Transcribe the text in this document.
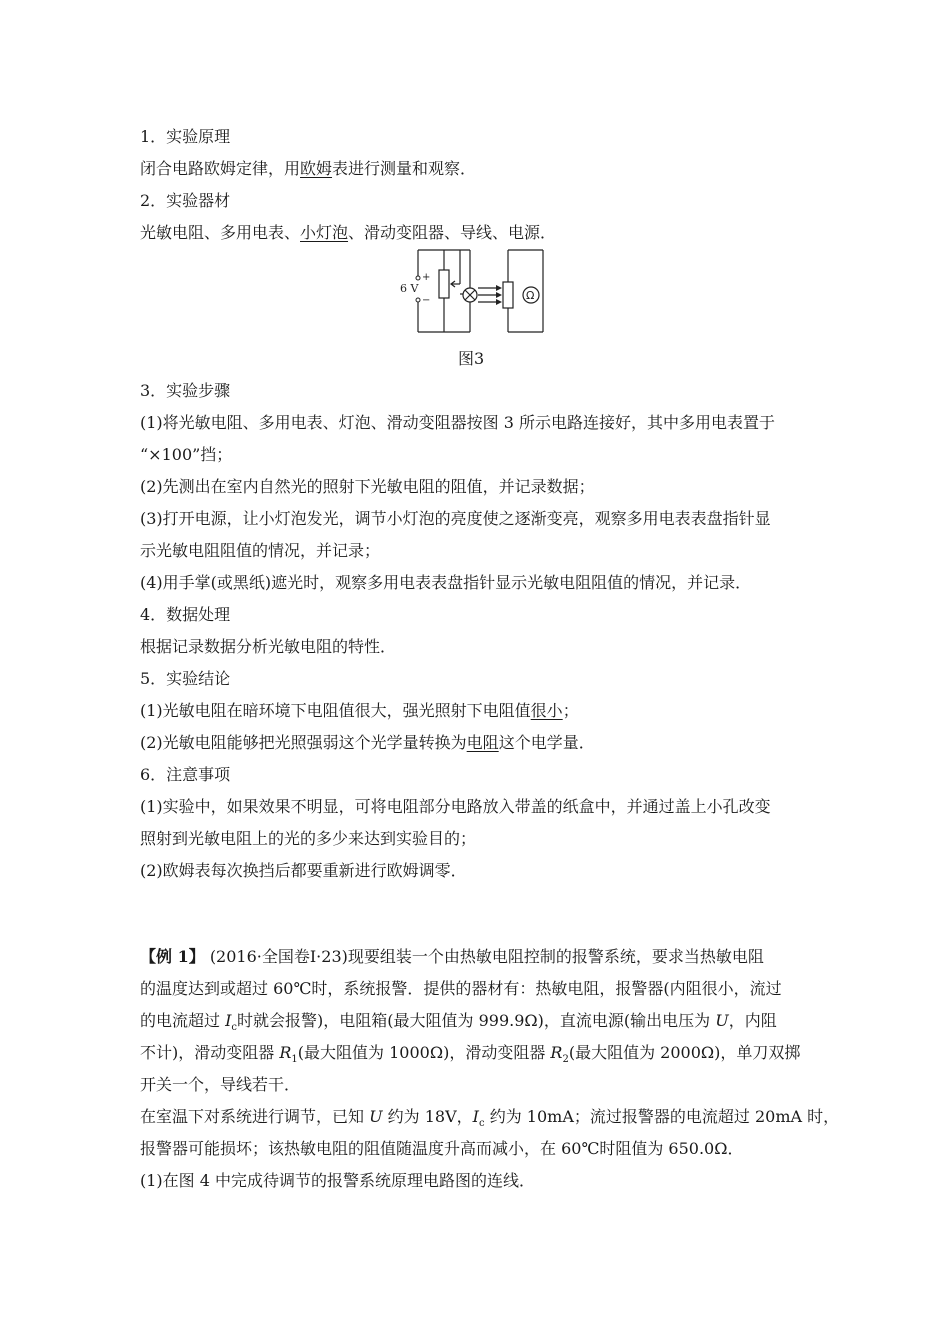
1．实验原理
闭合电路欧姆定律，用欧姆表进行测量和观察．
2．实验器材
光敏电阻、多用电表、小灯泡、滑动变阻器、导线、电源．
+
6 V
−	Ω
图3
3．实验步骤
(1)将光敏电阻、多用电表、灯泡、滑动变阻器按图 3 所示电路连接好，其中多用电表置于
“×100”挡；
(2)先测出在室内自然光的照射下光敏电阻的阻值，并记录数据；
(3)打开电源，让小灯泡发光，调节小灯泡的亮度使之逐渐变亮，观察多用电表表盘指针显
示光敏电阻阻值的情况，并记录；
(4)用手掌(或黑纸)遮光时，观察多用电表表盘指针显示光敏电阻阻值的情况，并记录．
4．数据处理
根据记录数据分析光敏电阻的特性．
5．实验结论
(1)光敏电阻在暗环境下电阻值很大，强光照射下电阻值很小；
(2)光敏电阻能够把光照强弱这个光学量转换为电阻这个电学量．
6．注意事项
(1)实验中，如果效果不明显，可将电阻部分电路放入带盖的纸盒中，并通过盖上小孔改变
照射到光敏电阻上的光的多少来达到实验目的；
(2)欧姆表每次换挡后都要重新进行欧姆调零．
【例 1】 (2016·全国卷Ⅰ·23)现要组装一个由热敏电阻控制的报警系统，要求当热敏电阻
的温度达到或超过 60℃时，系统报警．提供的器材有：热敏电阻，报警器(内阻很小，流过
的电流超过 $I_c$时就会报警)，电阻箱(最大阻值为 999.9Ω)，直流电源(输出电压为 U，内阻
不计)，滑动变阻器 $R_1$(最大阻值为 1000Ω)，滑动变阻器 $R_2$(最大阻值为 2000Ω)，单刀双掷
开关一个，导线若干．
在室温下对系统进行调节，已知 U 约为 18V，$I_c$ 约为 10mA；流过报警器的电流超过 20mA 时，
报警器可能损坏；该热敏电阻的阻值随温度升高而减小，在 60℃时阻值为 650.0Ω．
(1)在图 4 中完成待调节的报警系统原理电路图的连线．
